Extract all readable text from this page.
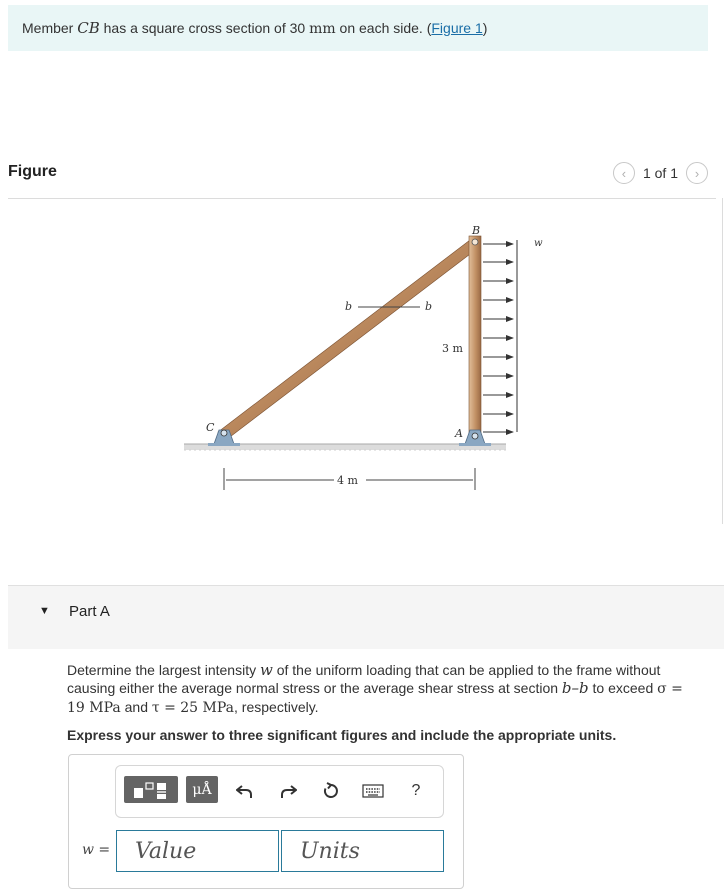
Member CB has a square cross section of 30 mm on each side. (Figure 1)
Figure	‹ 1 of 1 ›
B
w
b	b
C	A
3 m
4 m
▼ Part A
Determine the largest intensity w of the uniform loading that can be applied to the frame without causing either the average normal stress or the average shear stress at section b–b to exceed σ = 19 MPa and τ = 25 MPa, respectively.
Express your answer to three significant figures and include the appropriate units.
μÅ	?
w =
Value
Units
